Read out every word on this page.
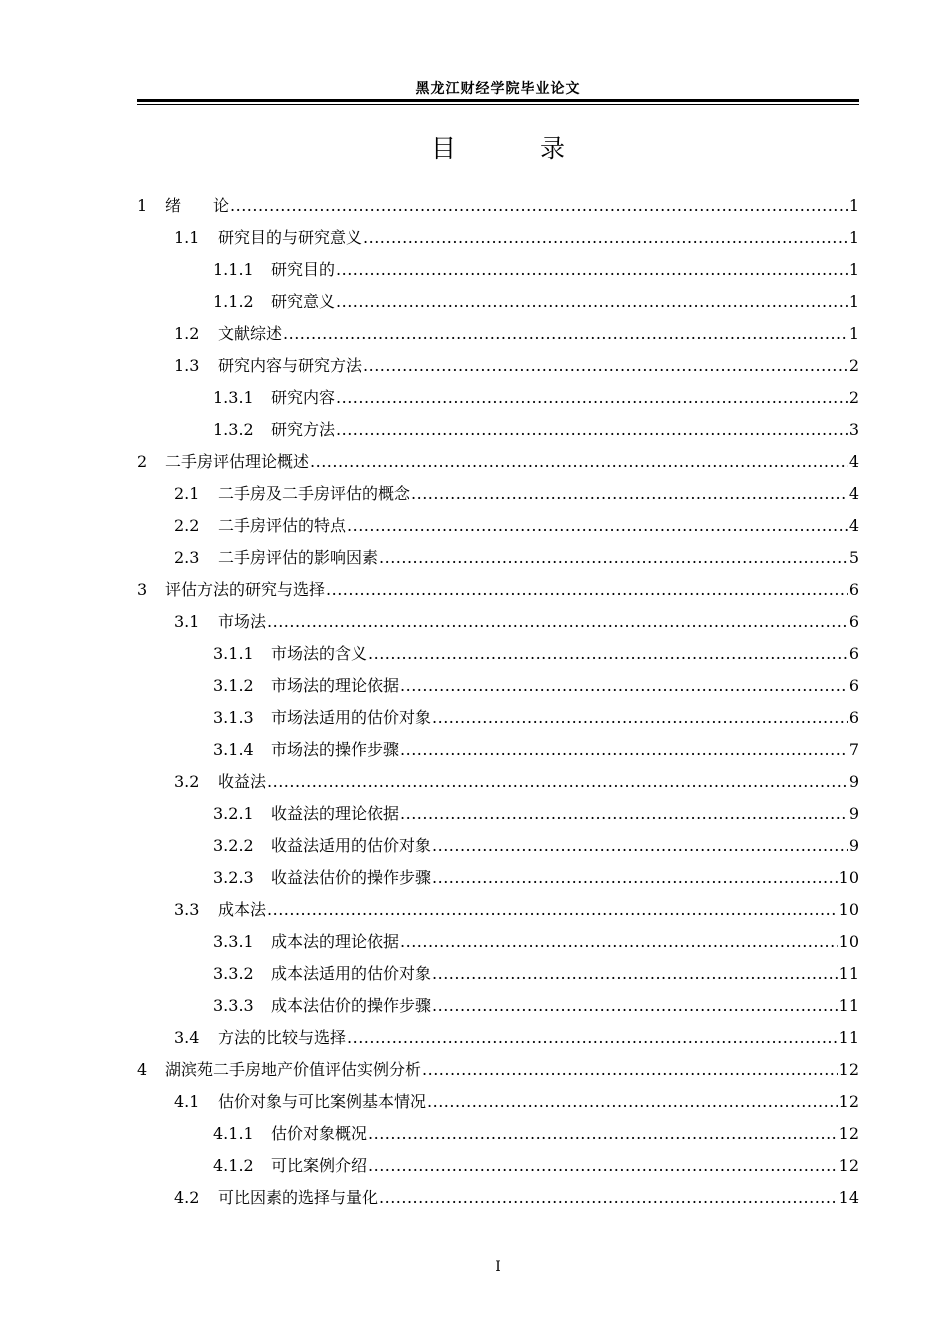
黑龙江财经学院毕业论文
目 录
1	绪　　论 .....	1
1.1	研究目的与研究意义 .....	1
1.1.1	研究目的 .....	1
1.1.2	研究意义 .....	1
1.2	文献综述 .....	1
1.3	研究内容与研究方法 .....	2
1.3.1	研究内容 .....	2
1.3.2	研究方法 .....	3
2	二手房评估理论概述 .....	4
2.1	二手房及二手房评估的概念 .....	4
2.2	二手房评估的特点 .....	4
2.3	二手房评估的影响因素 .....	5
3	评估方法的研究与选择 .....	6
3.1	市场法 .....	6
3.1.1	市场法的含义 .....	6
3.1.2	市场法的理论依据 .....	6
3.1.3	市场法适用的估价对象 .....	6
3.1.4	市场法的操作步骤 .....	7
3.2	收益法 .....	9
3.2.1	收益法的理论依据 .....	9
3.2.2	收益法适用的估价对象 .....	9
3.2.3	收益法估价的操作步骤 .....	10
3.3	成本法 .....	10
3.3.1	成本法的理论依据 .....	10
3.3.2	成本法适用的估价对象 .....	11
3.3.3	成本法估价的操作步骤 .....	11
3.4	方法的比较与选择 .....	11
4	湖滨苑二手房地产价值评估实例分析 .....	12
4.1	估价对象与可比案例基本情况 .....	12
4.1.1	估价对象概况 .....	12
4.1.2	可比案例介绍 .....	12
4.2	可比因素的选择与量化 .....	14
I
